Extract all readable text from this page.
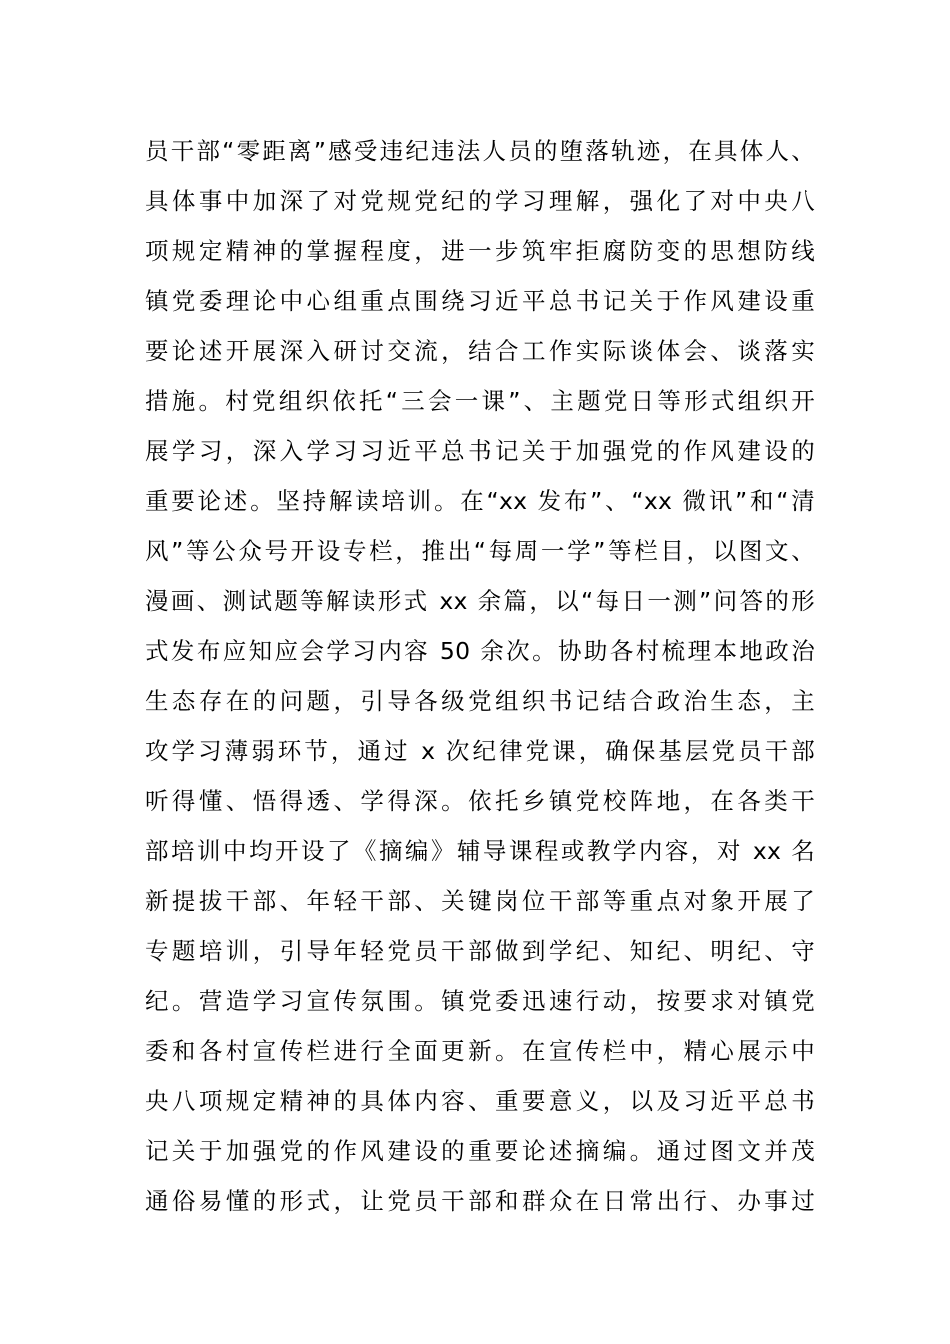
员干部“零距离”感受违纪违法人员的堕落轨迹，在具体人、
具体事中加深了对党规党纪的学习理解，强化了对中央八
项规定精神的掌握程度，进一步筑牢拒腐防变的思想防线
镇党委理论中心组重点围绕习近平总书记关于作风建设重
要论述开展深入研讨交流，结合工作实际谈体会、谈落实
措施。村党组织依托“三会一课”、主题党日等形式组织开
展学习，深入学习习近平总书记关于加强党的作风建设的
重要论述。坚持解读培训。在“xx 发布”、“xx 微讯”和“清
风”等公众号开设专栏，推出“每周一学”等栏目，以图文、
漫画、测试题等解读形式 xx 余篇，以“每日一测”问答的形
式发布应知应会学习内容 50 余次。协助各村梳理本地政治
生态存在的问题，引导各级党组织书记结合政治生态，主
攻学习薄弱环节，通过 x 次纪律党课，确保基层党员干部
听得懂、悟得透、学得深。依托乡镇党校阵地，在各类干
部培训中均开设了《摘编》辅导课程或教学内容，对 xx 名
新提拔干部、年轻干部、关键岗位干部等重点对象开展了
专题培训，引导年轻党员干部做到学纪、知纪、明纪、守
纪。营造学习宣传氛围。镇党委迅速行动，按要求对镇党
委和各村宣传栏进行全面更新。在宣传栏中，精心展示中
央八项规定精神的具体内容、重要意义，以及习近平总书
记关于加强党的作风建设的重要论述摘编。通过图文并茂
通俗易懂的形式，让党员干部和群众在日常出行、办事过
